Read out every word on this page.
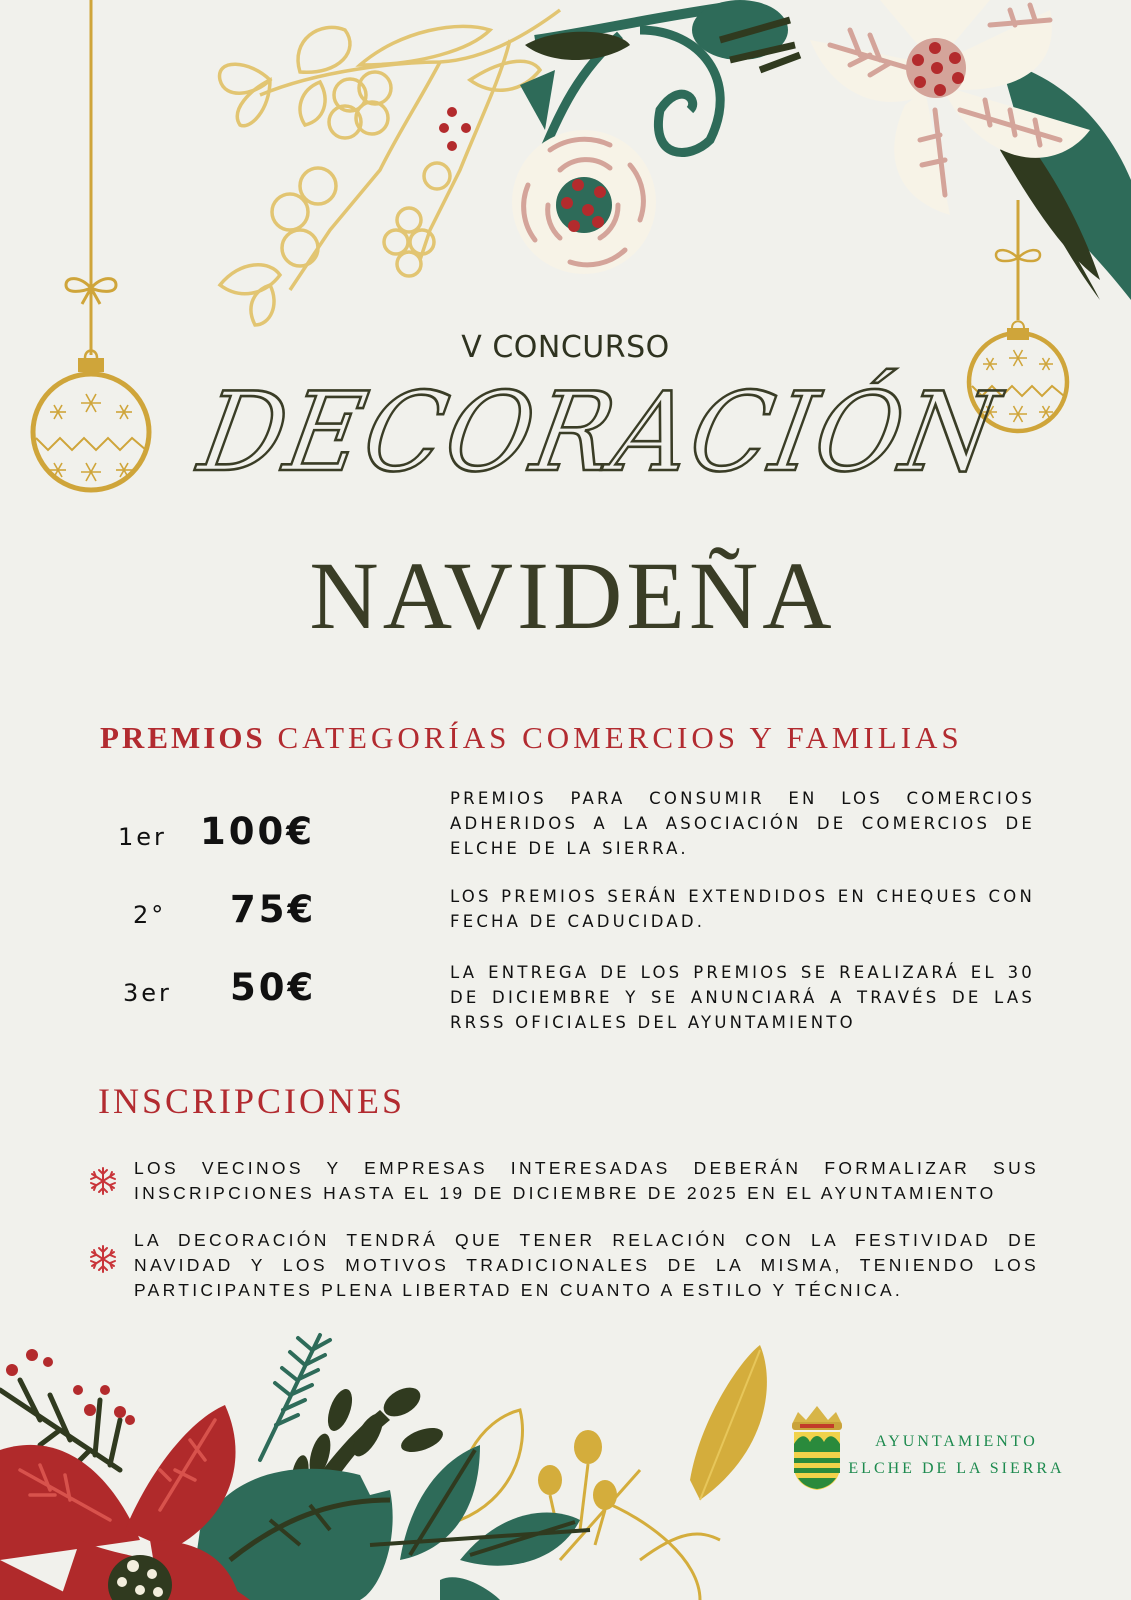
V CONCURSO
DECORACIÓN
NAVIDEÑA
PREMIOS CATEGORÍAS COMERCIOS Y FAMILIAS
1er 100€
2° 75€
3er 50€
PREMIOS PARA CONSUMIR EN LOS COMERCIOS ADHERIDOS A LA ASOCIACIÓN DE COMERCIOS DE ELCHE DE LA SIERRA.
LOS PREMIOS SERÁN EXTENDIDOS EN CHEQUES CON FECHA DE CADUCIDAD.
LA ENTREGA DE LOS PREMIOS SE REALIZARÁ EL 30 DE DICIEMBRE Y SE ANUNCIARÁ A TRAVÉS DE LAS RRSS OFICIALES DEL AYUNTAMIENTO
INSCRIPCIONES
LOS VECINOS Y EMPRESAS INTERESADAS DEBERÁN FORMALIZAR SUS INSCRIPCIONES HASTA EL 19 DE DICIEMBRE DE 2025 EN EL AYUNTAMIENTO
LA DECORACIÓN TENDRÁ QUE TENER RELACIÓN CON LA FESTIVIDAD DE NAVIDAD Y LOS MOTIVOS TRADICIONALES DE LA MISMA, TENIENDO LOS PARTICIPANTES PLENA LIBERTAD EN CUANTO A ESTILO Y TÉCNICA.
AYUNTAMIENTO
ELCHE DE LA SIERRA
